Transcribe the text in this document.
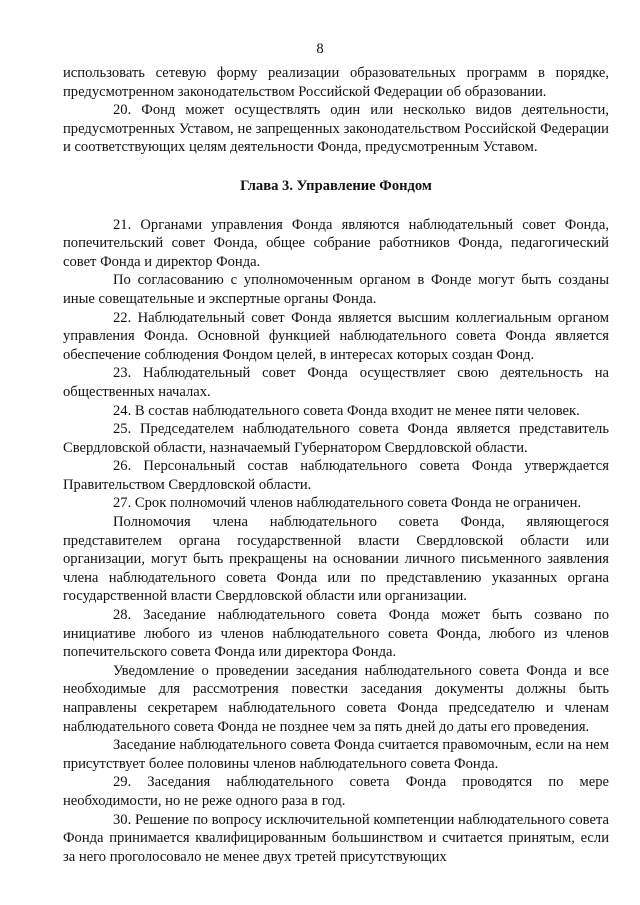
8

использовать сетевую форму реализации образовательных программ в порядке, предусмотренном законодательством Российской Федерации об образовании.

20. Фонд может осуществлять один или несколько видов деятельности, предусмотренных Уставом, не запрещенных законодательством Российской Федерации и соответствующих целям деятельности Фонда, предусмотренным Уставом.

Глава 3. Управление Фондом

21. Органами управления Фонда являются наблюдательный совет Фонда, попечительский совет Фонда, общее собрание работников Фонда, педагогический совет Фонда и директор Фонда.

По согласованию с уполномоченным органом в Фонде могут быть созданы иные совещательные и экспертные органы Фонда.

22. Наблюдательный совет Фонда является высшим коллегиальным органом управления Фонда. Основной функцией наблюдательного совета Фонда является обеспечение соблюдения Фондом целей, в интересах которых создан Фонд.

23. Наблюдательный совет Фонда осуществляет свою деятельность на общественных началах.

24. В состав наблюдательного совета Фонда входит не менее пяти человек.

25. Председателем наблюдательного совета Фонда является представитель Свердловской области, назначаемый Губернатором Свердловской области.

26. Персональный состав наблюдательного совета Фонда утверждается Правительством Свердловской области.

27. Срок полномочий членов наблюдательного совета Фонда не ограничен.

Полномочия члена наблюдательного совета Фонда, являющегося представителем органа государственной власти Свердловской области или организации, могут быть прекращены на основании личного письменного заявления члена наблюдательного совета Фонда или по представлению указанных органа государственной власти Свердловской области или организации.

28. Заседание наблюдательного совета Фонда может быть созвано по инициативе любого из членов наблюдательного совета Фонда, любого из членов попечительского совета Фонда или директора Фонда.

Уведомление о проведении заседания наблюдательного совета Фонда и все необходимые для рассмотрения повестки заседания документы должны быть направлены секретарем наблюдательного совета Фонда председателю и членам наблюдательного совета Фонда не позднее чем за пять дней до даты его проведения.

Заседание наблюдательного совета Фонда считается правомочным, если на нем присутствует более половины членов наблюдательного совета Фонда.

29. Заседания наблюдательного совета Фонда проводятся по мере необходимости, но не реже одного раза в год.

30. Решение по вопросу исключительной компетенции наблюдательного совета Фонда принимается квалифицированным большинством и считается принятым, если за него проголосовало не менее двух третей присутствующих
